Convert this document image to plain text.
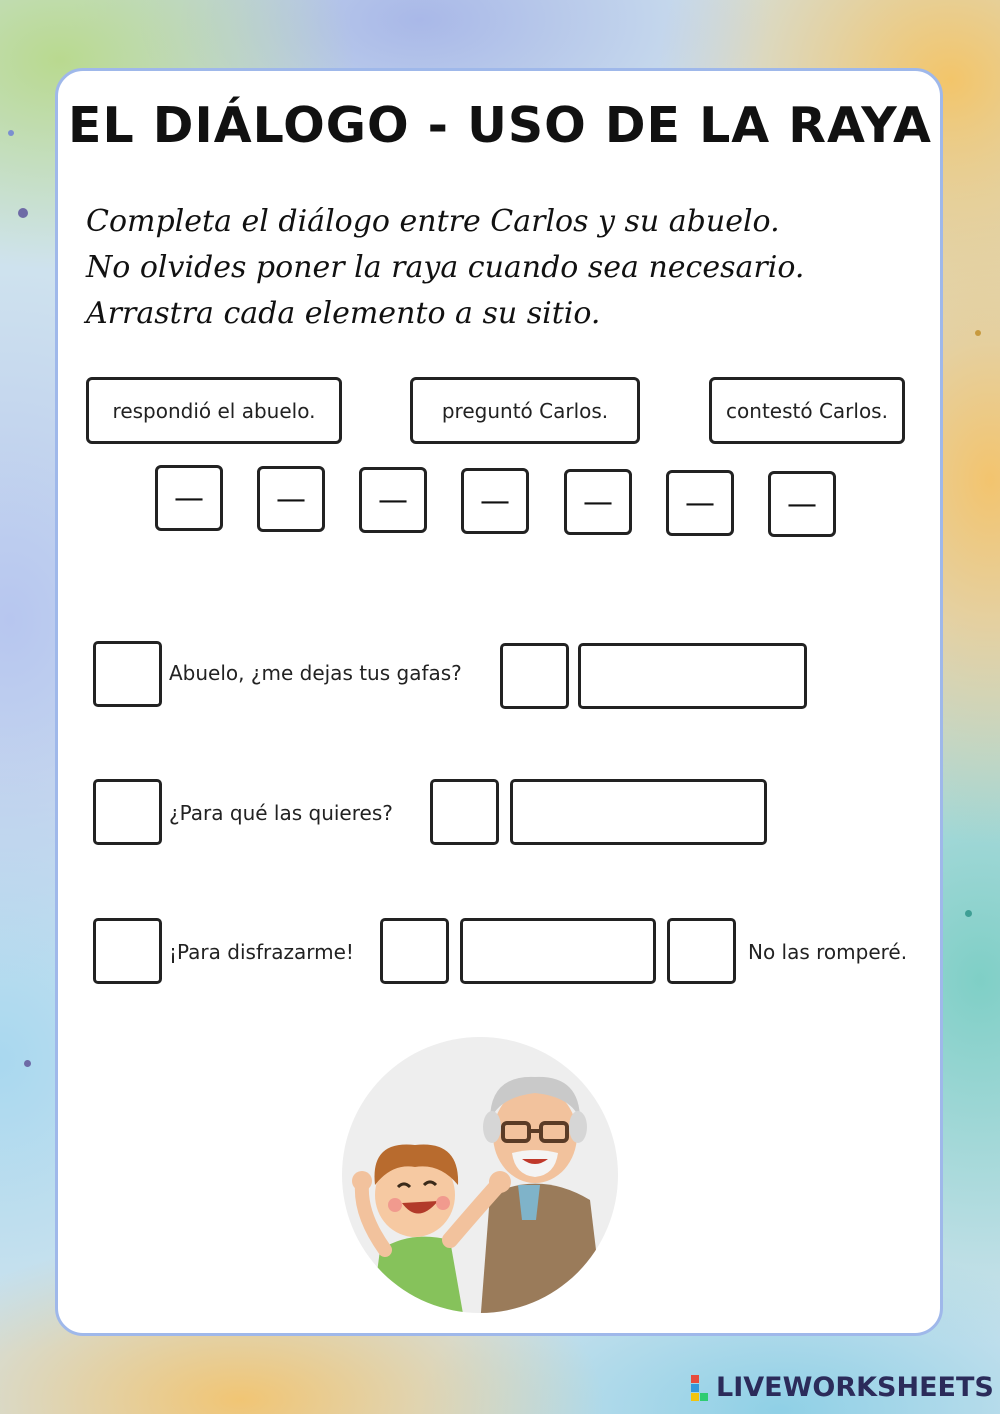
EL DIÁLOGO - USO DE LA RAYA
Completa el diálogo entre Carlos y su abuelo.
No olvides poner la raya cuando sea necesario.
Arrastra cada elemento a su sitio.
respondió el abuelo.	preguntó Carlos.	contestó Carlos.
—	—	—	—	—	—	—
Abuelo, ¿me dejas tus gafas?
¿Para qué las quieres?
¡Para disfrazarme!	No las romperé.
LIVEWORKSHEETS
